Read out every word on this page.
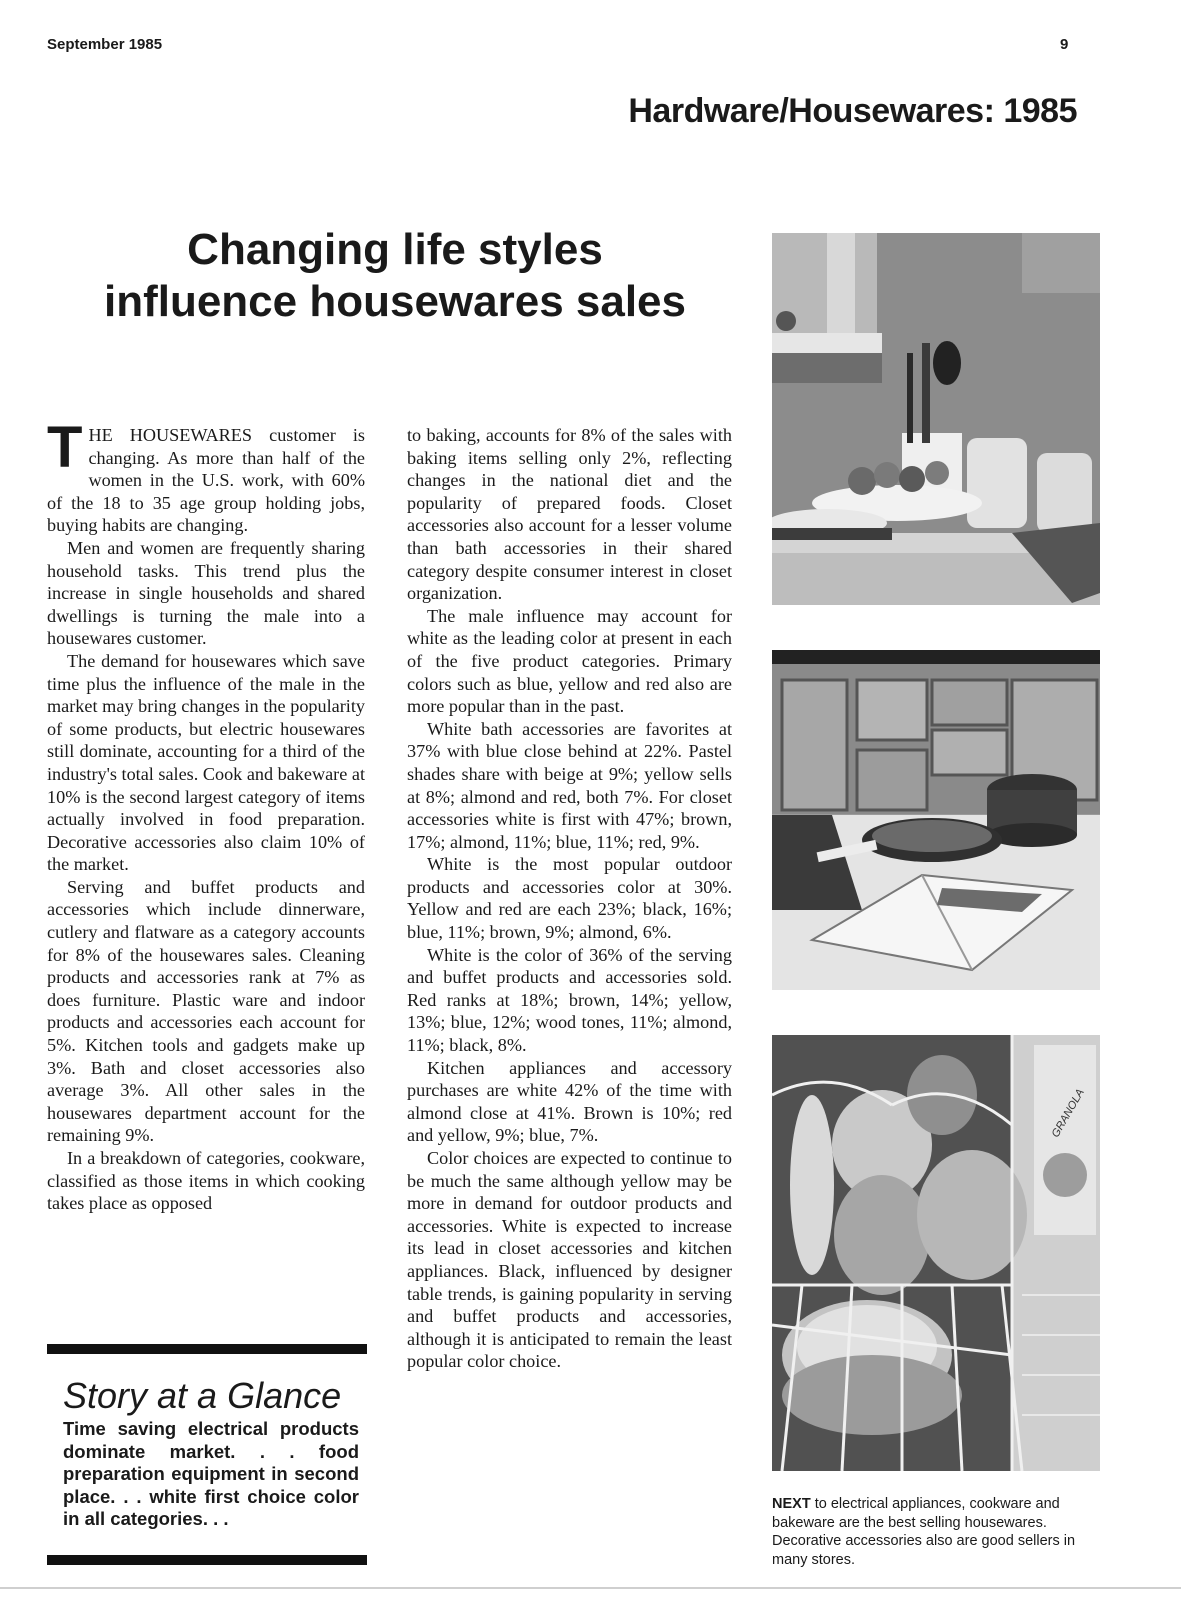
September 1985	9
Hardware/Housewares: 1985
Changing life styles
influence housewares sales

THE HOUSEWARES customer is changing. As more than half of the women in the U.S. work, with 60% of the 18 to 35 age group holding jobs, buying habits are changing.

Men and women are frequently sharing household tasks. This trend plus the increase in single households and shared dwellings is turning the male into a housewares customer.

The demand for housewares which save time plus the influence of the male in the market may bring changes in the popularity of some products, but electric housewares still dominate, accounting for a third of the industry's total sales. Cook and bakeware at 10% is the second largest category of items actually involved in food preparation. Decorative accessories also claim 10% of the market.

Serving and buffet products and accessories which include dinnerware, cutlery and flatware as a category accounts for 8% of the housewares sales. Cleaning products and accessories rank at 7% as does furniture. Plastic ware and indoor products and accessories each account for 5%. Kitchen tools and gadgets make up 3%. Bath and closet accessories also average 3%. All other sales in the housewares department account for the remaining 9%.

In a breakdown of categories, cookware, classified as those items in which cooking takes place as opposed

to baking, accounts for 8% of the sales with baking items selling only 2%, reflecting changes in the national diet and the popularity of prepared foods. Closet accessories also account for a lesser volume than bath accessories in their shared category despite consumer interest in closet organization.

The male influence may account for white as the leading color at present in each of the five product categories. Primary colors such as blue, yellow and red also are more popular than in the past.

White bath accessories are favorites at 37% with blue close behind at 22%. Pastel shades share with beige at 9%; yellow sells at 8%; almond and red, both 7%. For closet accessories white is first with 47%; brown, 17%; almond, 11%; blue, 11%; red, 9%.

White is the most popular outdoor products and accessories color at 30%. Yellow and red are each 23%; black, 16%; blue, 11%; brown, 9%; almond, 6%.

White is the color of 36% of the serving and buffet products and accessories sold. Red ranks at 18%; brown, 14%; yellow, 13%; blue, 12%; wood tones, 11%; almond, 11%; black, 8%.

Kitchen appliances and accessory purchases are white 42% of the time with almond close at 41%. Brown is 10%; red and yellow, 9%; blue, 7%.

Color choices are expected to continue to be much the same although yellow may be more in demand for outdoor products and accessories. White is expected to increase its lead in closet accessories and kitchen appliances. Black, influenced by designer table trends, is gaining popularity in serving and buffet products and accessories, although it is anticipated to remain the least popular color choice.

Story at a Glance
Time saving electrical products dominate market. . . food preparation equipment in second place. . . white first choice color in all categories. . .
GRANOLA
NEXT to electrical appliances, cookware and bakeware are the best selling housewares. Decorative accessories also are good sellers in many stores.
